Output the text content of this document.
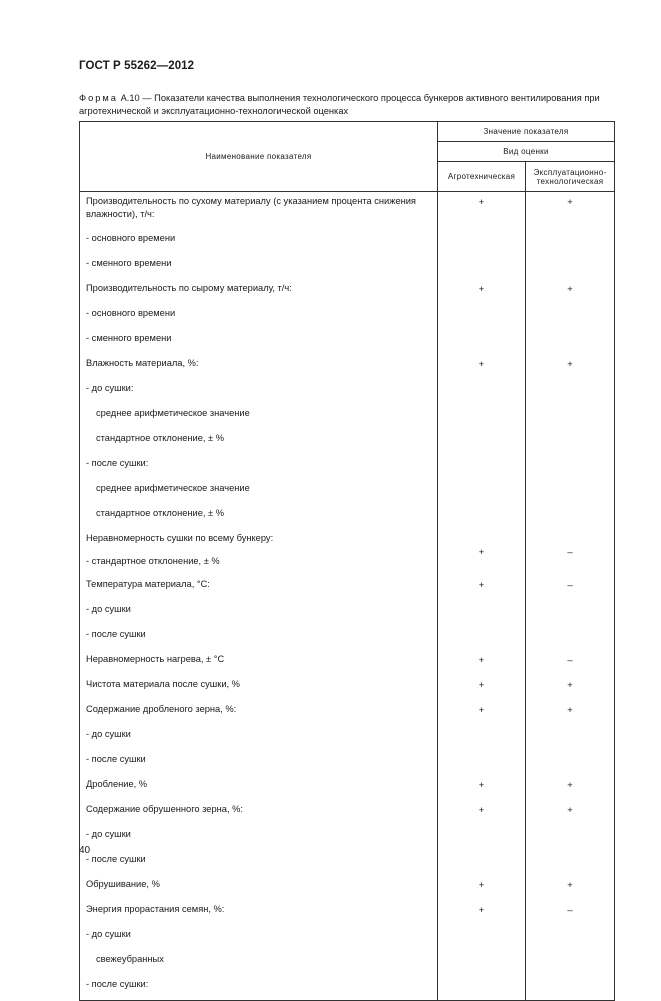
ГОСТ Р 55262—2012
Форма А.10 — Показатели качества выполнения технологического процесса бункеров активного вентилирования при агротехнической и эксплуатационно-технологической оценках
Наименование показателя	Значение показателя	
	Вид оценки	
	Агротехническая	Эксплуатационно-технологическая
Производительность по сухому материалу (с указанием процента снижения влажности), т/ч:	+	+
- основного времени		
- сменного времени		
Производительность по сырому материалу, т/ч:	+	+
- основного времени		
- сменного времени		
Влажность материала, %:	+	+
- до сушки:		
среднее арифметическое значение		
стандартное отклонение, ± %		
- после сушки:		
среднее арифметическое значение		
стандартное отклонение, ± %		
Неравномерность сушки по всему бункеру:	+	–
- стандартное отклонение, ± %		
Температура материала, °С:	+	–
- до сушки		
- после сушки		
Неравномерность нагрева, ± °С	+	–
Чистота материала после сушки, %	+	+
Содержание дробленого зерна, %:	+	+
- до сушки		
- после сушки		
Дробление, %	+	+
Содержание обрушенного зерна, %:	+	+
- до сушки		
- после сушки		
Обрушивание, %	+	+
Энергия прорастания семян, %:	+	–
- до сушки		
свежеубранных		
- после сушки:		
40
